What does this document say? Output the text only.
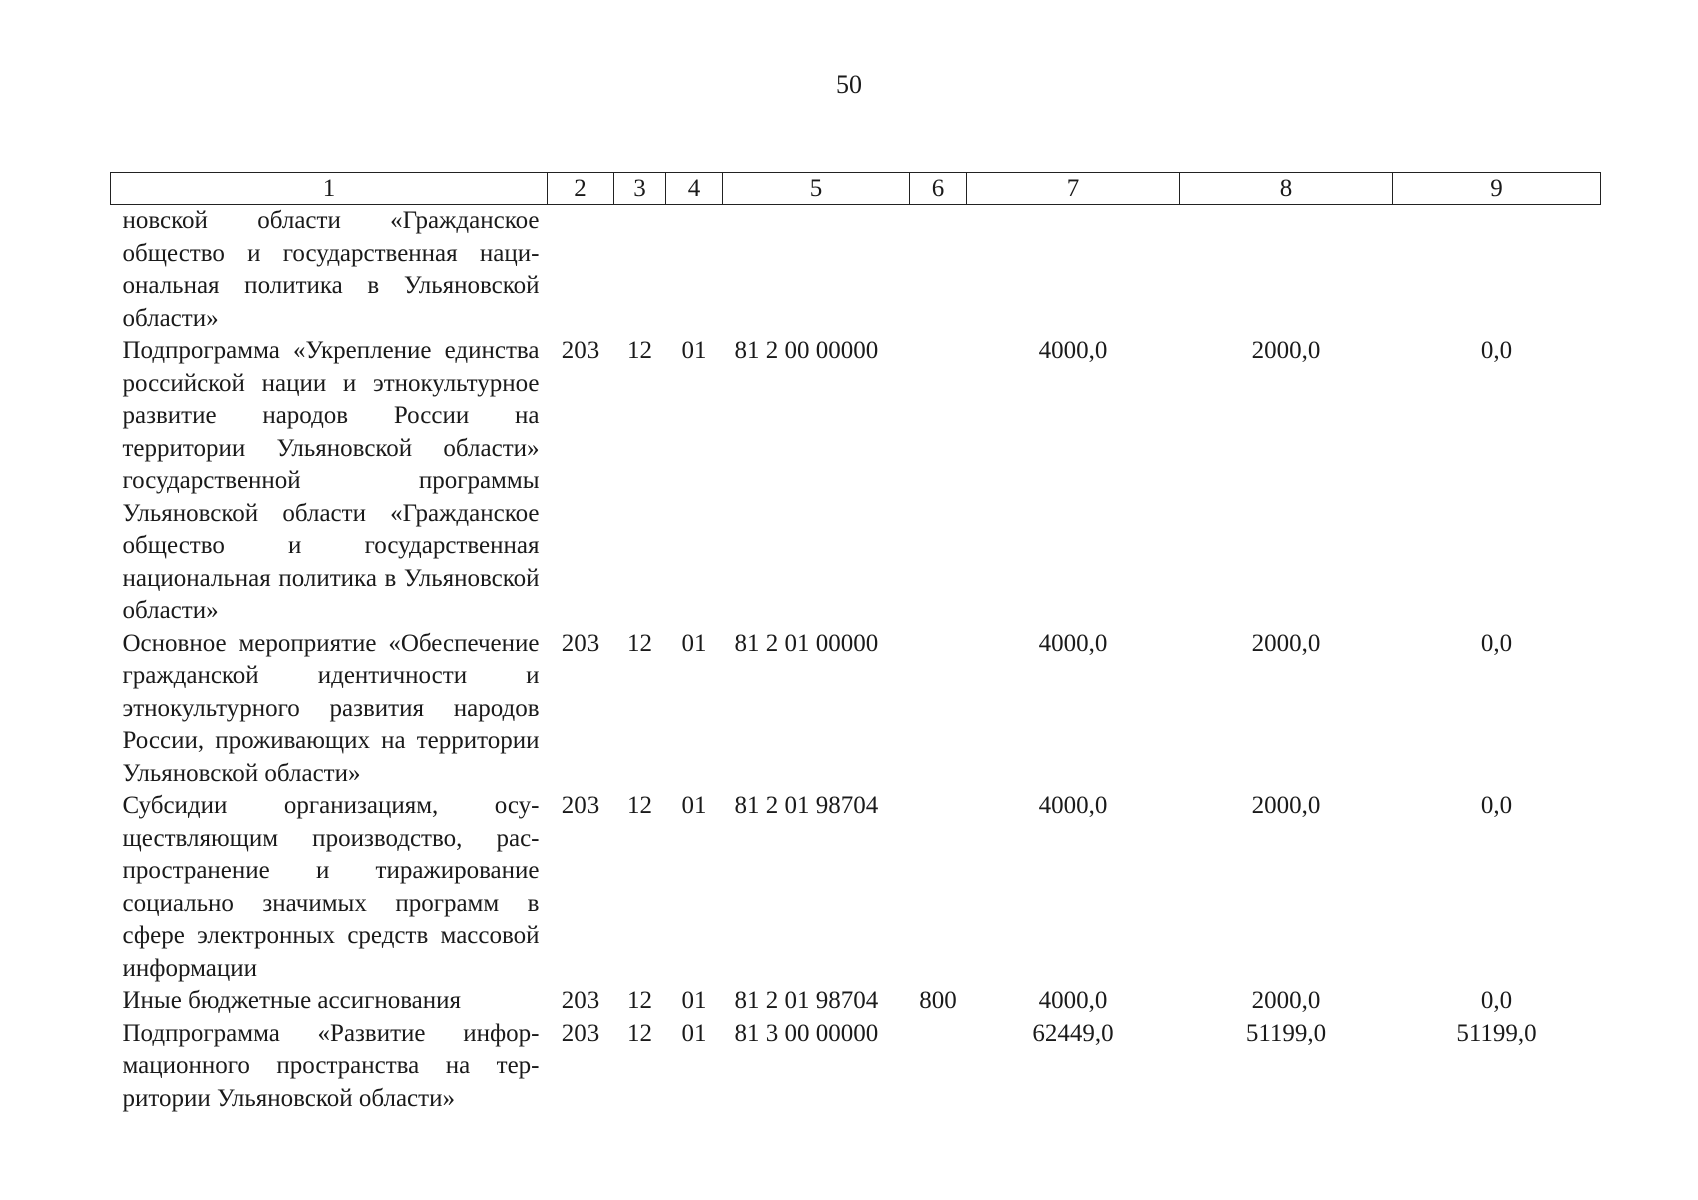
50
1	2	3	4	5	6	7	8	9
новской области «Гражданское общество и государственная национальная политика в Ульяновской области»								
Подпрограмма «Укрепление единства российской нации и этнокультурное развитие народов России на территории Ульяновской области» государственной программы Ульяновской области «Гражданское общество и государственная национальная политика в Ульяновской области»	203	12	01	81 2 00 00000		4000,0	2000,0	0,0
Основное мероприятие «Обеспечение гражданской идентичности и этнокультурного развития народов России, проживающих на территории Ульяновской области»	203	12	01	81 2 01 00000		4000,0	2000,0	0,0
Субсидии организациям, осуществляющим производство, распространение и тиражирование социально значимых программ в сфере электронных средств массовой информации	203	12	01	81 2 01 98704		4000,0	2000,0	0,0
Иные бюджетные ассигнования	203	12	01	81 2 01 98704	800	4000,0	2000,0	0,0
Подпрограмма «Развитие информационного пространства на территории Ульяновской области»	203	12	01	81 3 00 00000		62449,0	51199,0	51199,0
